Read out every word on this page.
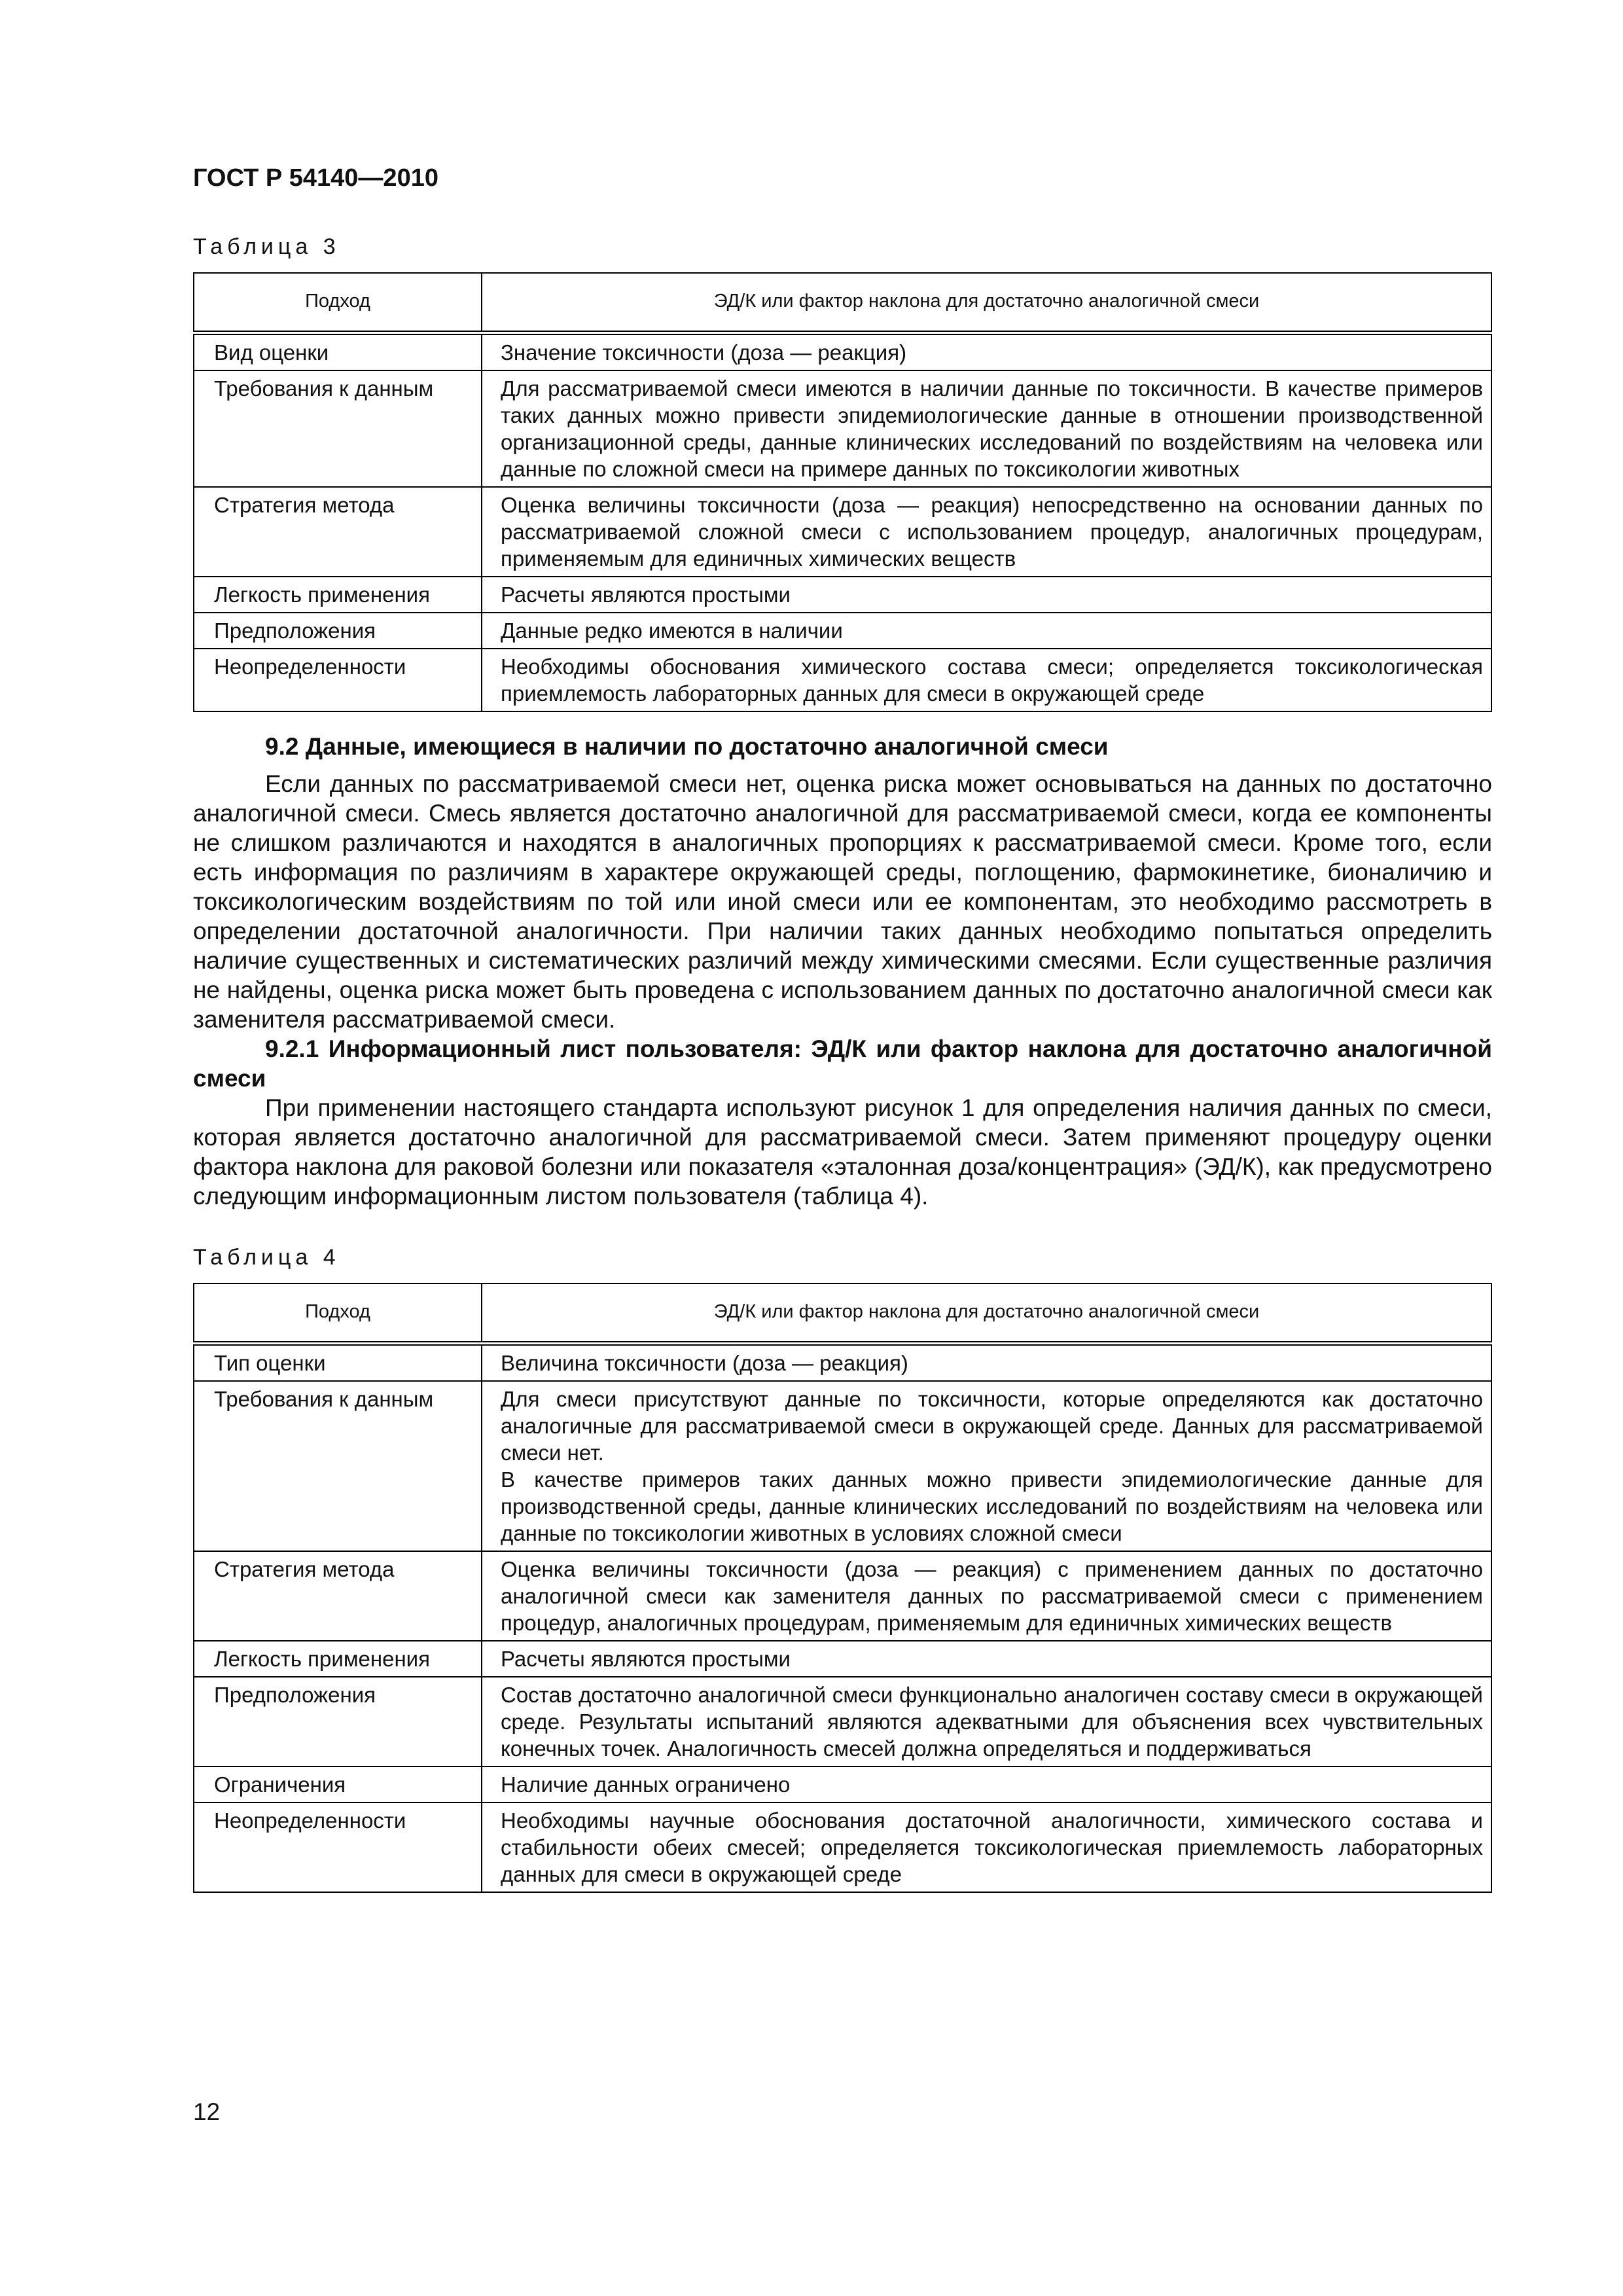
ГОСТ Р 54140—2010
Таблица 3
Подход	ЭД/К или фактор наклона для достаточно аналогичной смеси
Вид оценки	Значение токсичности (доза — реакция)
Требования к данным	Для рассматриваемой смеси имеются в наличии данные по токсичности. В качестве примеров таких данных можно привести эпидемиологические данные в отношении производственной организационной среды, данные клинических исследований по воздействиям на человека или данные по сложной смеси на примере данных по токсикологии животных
Стратегия метода	Оценка величины токсичности (доза — реакция) непосредственно на основании данных по рассматриваемой сложной смеси с использованием процедур, аналогичных процедурам, применяемым для единичных химических веществ
Легкость применения	Расчеты являются простыми
Предположения	Данные редко имеются в наличии
Неопределенности	Необходимы обоснования химического состава смеси; определяется токсикологическая приемлемость лабораторных данных для смеси в окружающей среде
9.2 Данные, имеющиеся в наличии по достаточно аналогичной смеси

Если данных по рассматриваемой смеси нет, оценка риска может основываться на данных по достаточно аналогичной смеси. Смесь является достаточно аналогичной для рассматриваемой смеси, когда ее компоненты не слишком различаются и находятся в аналогичных пропорциях к рассматриваемой смеси. Кроме того, если есть информация по различиям в характере окружающей среды, поглощению, фармокинетике, бионаличию и токсикологическим воздействиям по той или иной смеси или ее компонентам, это необходимо рассмотреть в определении достаточной аналогичности. При наличии таких данных необходимо попытаться определить наличие существенных и систематических различий между химическими смесями. Если существенные различия не найдены, оценка риска может быть проведена с использованием данных по достаточно аналогичной смеси как заменителя рассматриваемой смеси.

9.2.1 Информационный лист пользователя: ЭД/К или фактор наклона для достаточно аналогичной смеси

При применении настоящего стандарта используют рисунок 1 для определения наличия данных по смеси, которая является достаточно аналогичной для рассматриваемой смеси. Затем применяют процедуру оценки фактора наклона для раковой болезни или показателя «эталонная доза/концентрация» (ЭД/К), как предусмотрено следующим информационным листом пользователя (таблица 4).

Таблица 4
Подход	ЭД/К или фактор наклона для достаточно аналогичной смеси
Тип оценки	Величина токсичности (доза — реакция)
Требования к данным	Для смеси присутствуют данные по токсичности, которые определяются как достаточно аналогичные для рассматриваемой смеси в окружающей среде. Данных для рассматриваемой смеси нет.
В качестве примеров таких данных можно привести эпидемиологические данные для производственной среды, данные клинических исследований по воздействиям на человека или данные по токсикологии животных в условиях сложной смеси

Стратегия метода	Оценка величины токсичности (доза — реакция) с применением данных по достаточно аналогичной смеси как заменителя данных по рассматриваемой смеси с применением процедур, аналогичных процедурам, применяемым для единичных химических веществ
Легкость применения	Расчеты являются простыми
Предположения	Состав достаточно аналогичной смеси функционально аналогичен составу смеси в окружающей среде. Результаты испытаний являются адекватными для объяснения всех чувствительных конечных точек. Аналогичность смесей должна определяться и поддерживаться
Ограничения	Наличие данных ограничено
Неопределенности	Необходимы научные обоснования достаточной аналогичности, химического состава и стабильности обеих смесей; определяется токсикологическая приемлемость лабораторных данных для смеси в окружающей среде
12
